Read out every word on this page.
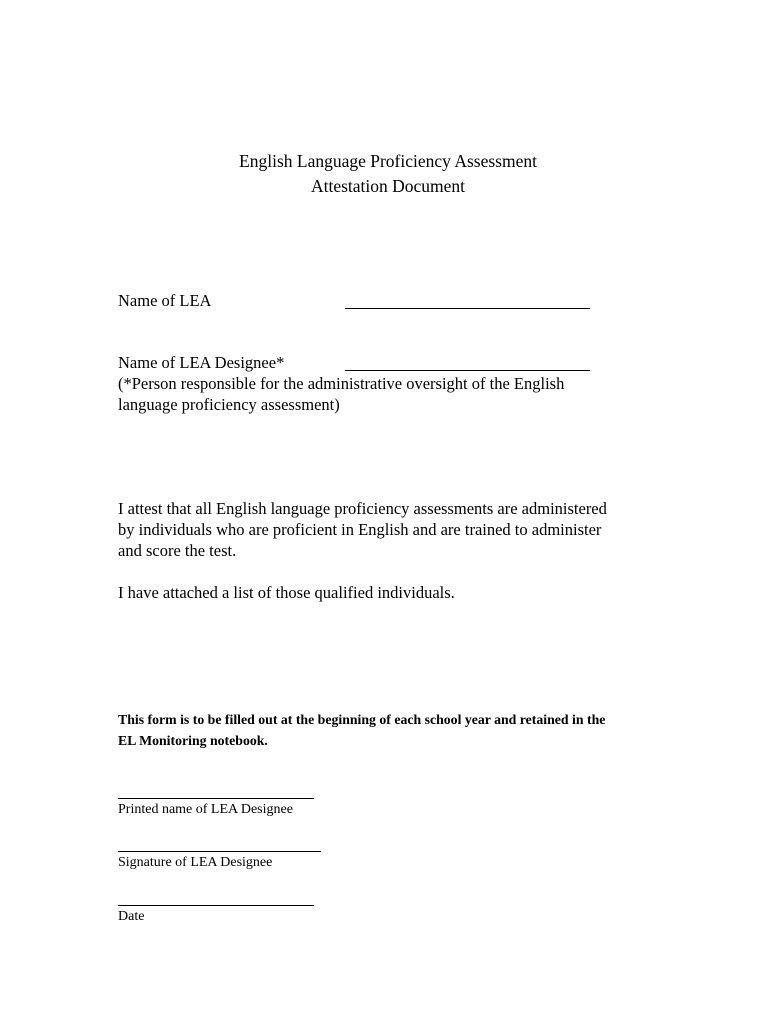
English Language Proficiency Assessment
Attestation Document
Name of LEA
Name of LEA Designee*
(*Person responsible for the administrative oversight of the English
language proficiency assessment)
I attest that all English language proficiency assessments are administered
by individuals who are proficient in English and are trained to administer
and score the test.
I have attached a list of those qualified individuals.
This form is to be filled out at the beginning of each school year and retained in the
EL Monitoring notebook.
Printed name of LEA Designee
Signature of LEA Designee
Date
